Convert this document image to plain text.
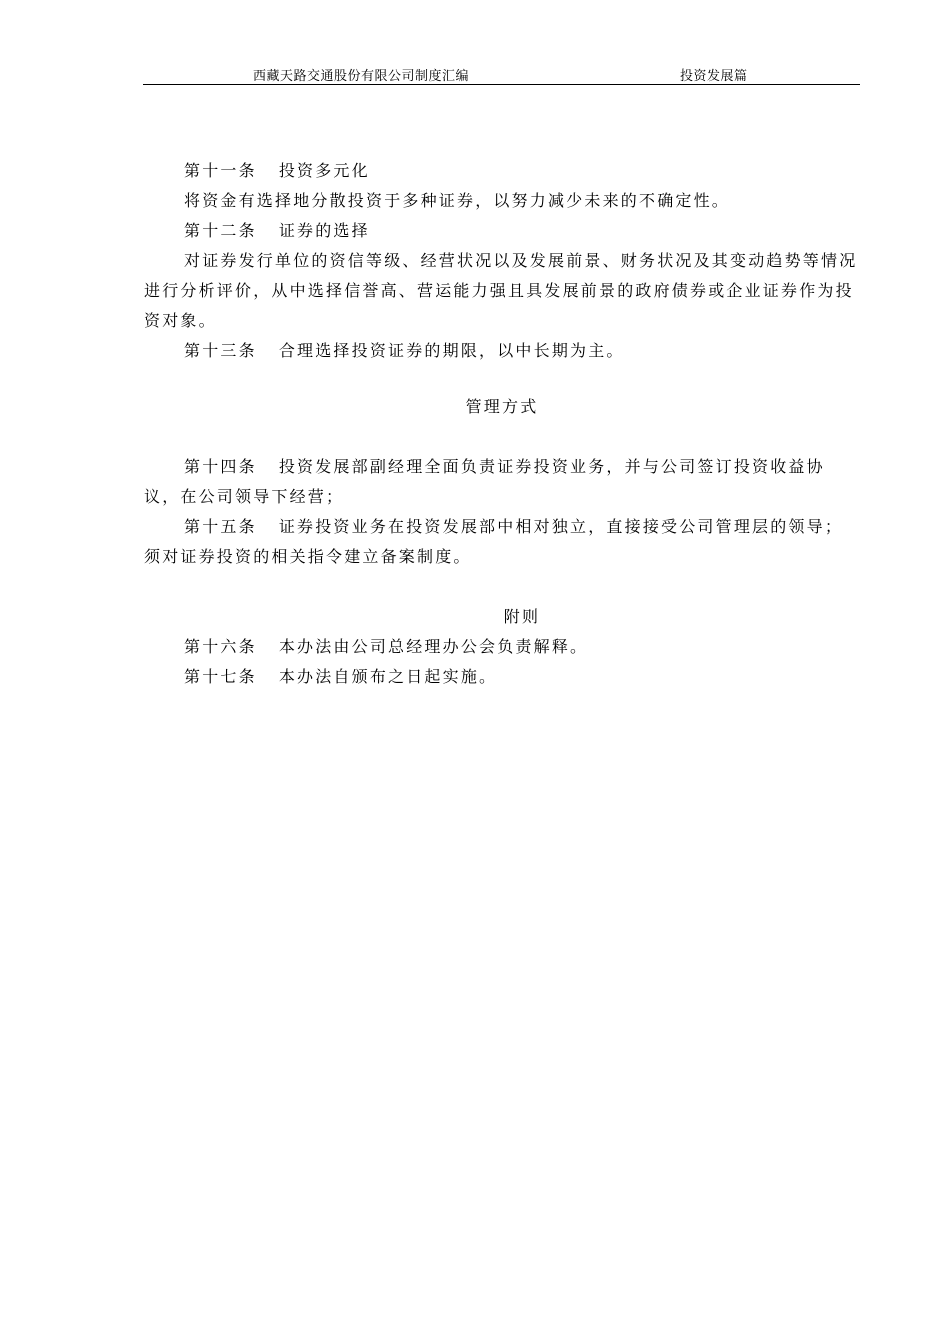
西藏天路交通股份有限公司制度汇编	投资发展篇

第十一条 投资多元化

将资金有选择地分散投资于多种证券，以努力减少未来的不确定性。

第十二条 证券的选择

对证券发行单位的资信等级、经营状况以及发展前景、财务状况及其变动趋势等情况进行分析评价，从中选择信誉高、营运能力强且具发展前景的政府债券或企业证券作为投资对象。

第十三条 合理选择投资证券的期限，以中长期为主。

管理方式

第十四条 投资发展部副经理全面负责证券投资业务，并与公司签订投资收益协议，在公司领导下经营；

第十五条 证券投资业务在投资发展部中相对独立，直接接受公司管理层的领导；须对证券投资的相关指令建立备案制度。

附则

第十六条 本办法由公司总经理办公会负责解释。

第十七条 本办法自颁布之日起实施。
